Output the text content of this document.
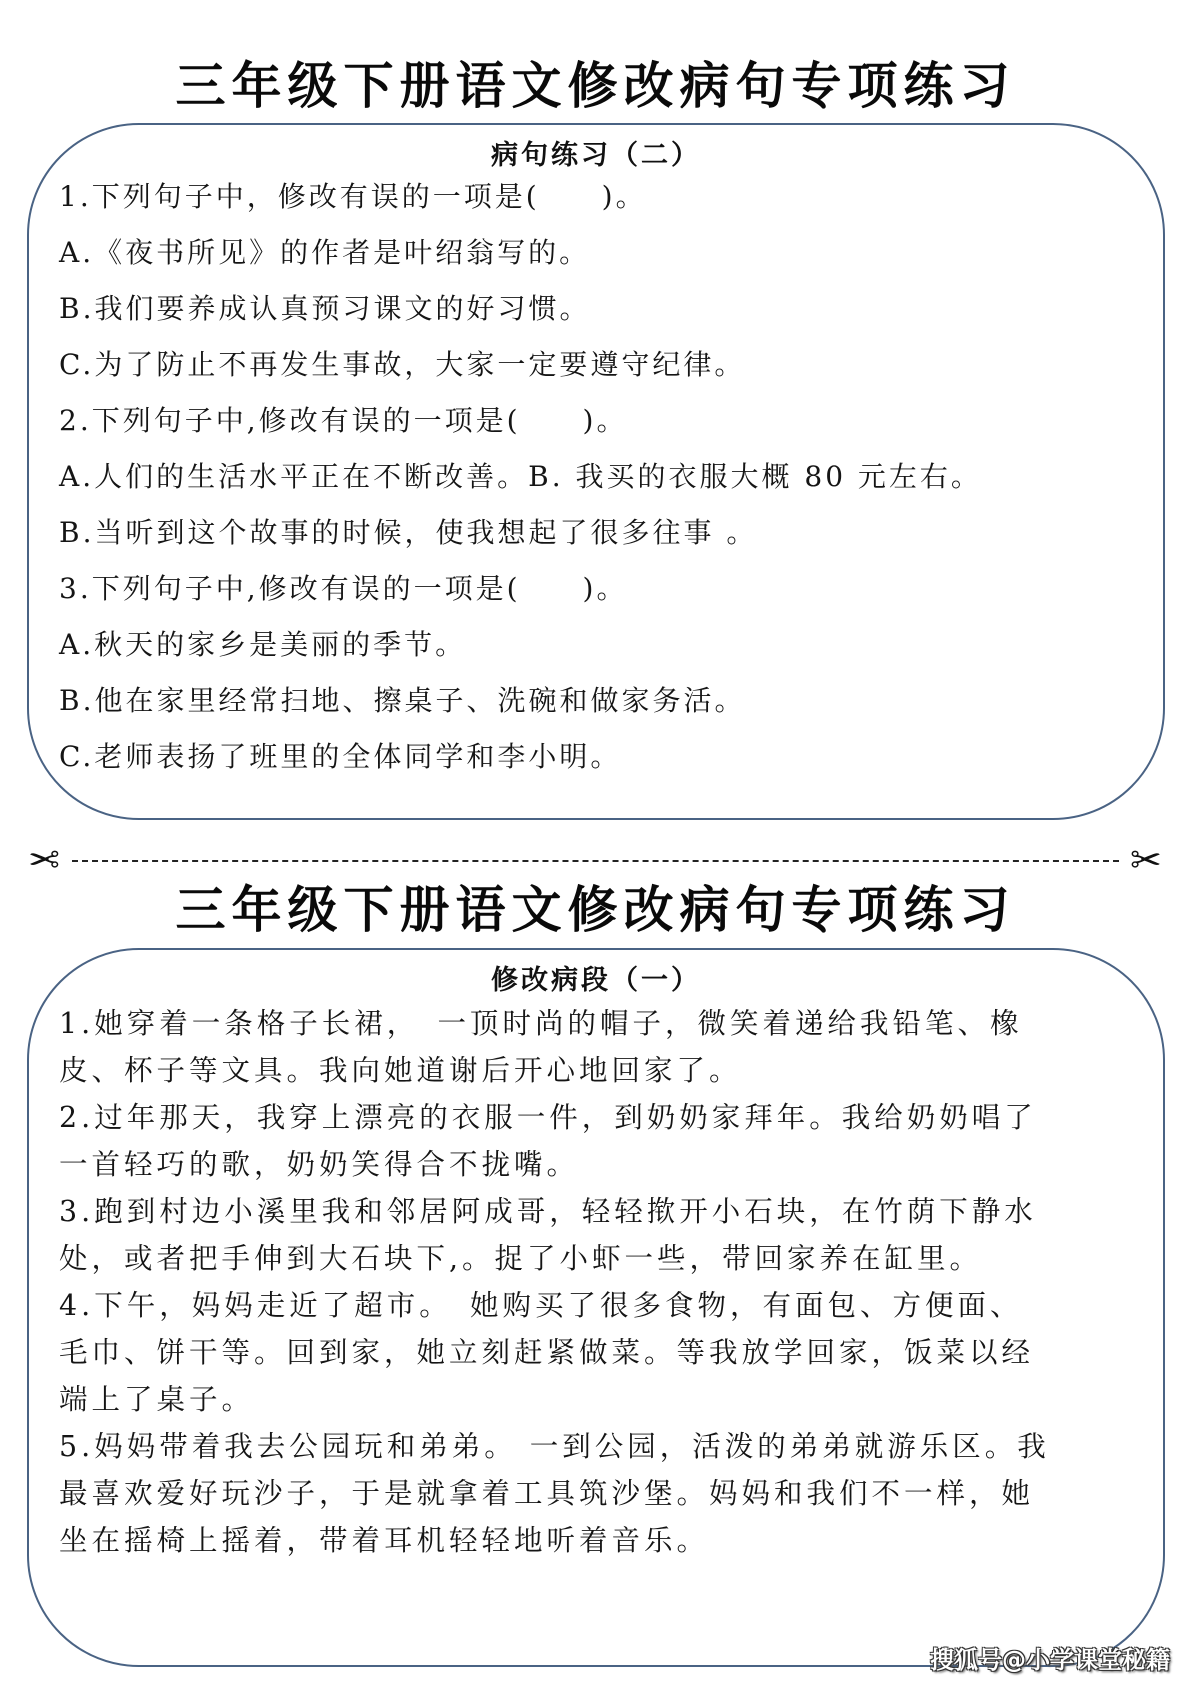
三年级下册语文修改病句专项练习
病句练习（二）
1.下列句子中，修改有误的一项是(　　)。
A.《夜书所见》的作者是叶绍翁写的。
B.我们要养成认真预习课文的好习惯。
C.为了防止不再发生事故，大家一定要遵守纪律。
2.下列句子中,修改有误的一项是(　　)。
A.人们的生活水平正在不断改善。B. 我买的衣服大概 80 元左右。
B.当听到这个故事的时候，使我想起了很多往事 。
3.下列句子中,修改有误的一项是(　　)。
A.秋天的家乡是美丽的季节。
B.他在家里经常扫地、擦桌子、洗碗和做家务活。
C.老师表扬了班里的全体同学和李小明。
✂	✂
三年级下册语文修改病句专项练习
修改病段（一）
1.她穿着一条格子长裙，　一顶时尚的帽子，微笑着递给我铅笔、橡
皮、杯子等文具。我向她道谢后开心地回家了。
2.过年那天，我穿上漂亮的衣服一件，到奶奶家拜年。我给奶奶唱了
一首轻巧的歌，奶奶笑得合不拢嘴。
3.跑到村边小溪里我和邻居阿成哥，轻轻揿开小石块，在竹荫下静水
处，或者把手伸到大石块下,。捉了小虾一些，带回家养在缸里。
4.下午，妈妈走近了超市。　她购买了很多食物，有面包、方便面、
毛巾、饼干等。回到家，她立刻赶紧做菜。等我放学回家，饭菜以经
端上了桌子。
5.妈妈带着我去公园玩和弟弟。 一到公园，活泼的弟弟就游乐区。我
最喜欢爱好玩沙子，于是就拿着工具筑沙堡。妈妈和我们不一样，她
坐在摇椅上摇着，带着耳机轻轻地听着音乐。
搜狐号@小学课堂秘籍
